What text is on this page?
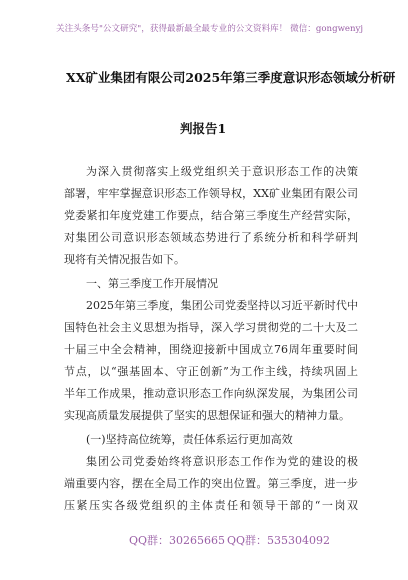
关注头条号"公文研究"，获得最新最全最专业的公文资料库！ 微信：gongwenyj
XX矿业集团有限公司2025年第三季度意识形态领域分析研
判报告1
为深入贯彻落实上级党组织关于意识形态工作的决策
部署，牢牢掌握意识形态工作领导权，XX矿业集团有限公司
党委紧扣年度党建工作要点，结合第三季度生产经营实际，
对集团公司意识形态领域态势进行了系统分析和科学研判
现将有关情况报告如下。
一、第三季度工作开展情况
2025年第三季度，集团公司党委坚持以习近平新时代中
国特色社会主义思想为指导，深入学习贯彻党的二十大及二
十届三中全会精神，围绕迎接新中国成立76周年重要时间
节点，以“强基固本、守正创新”为工作主线，持续巩固上
半年工作成果，推动意识形态工作向纵深发展，为集团公司
实现高质量发展提供了坚实的思想保证和强大的精神力量。
(一)坚持高位统筹，责任体系运行更加高效
集团公司党委始终将意识形态工作作为党的建设的极
端重要内容，摆在全局工作的突出位置。第三季度，进一步
压紧压实各级党组织的主体责任和领导干部的“一岗双
QQ群：30265665 QQ群：535304092
